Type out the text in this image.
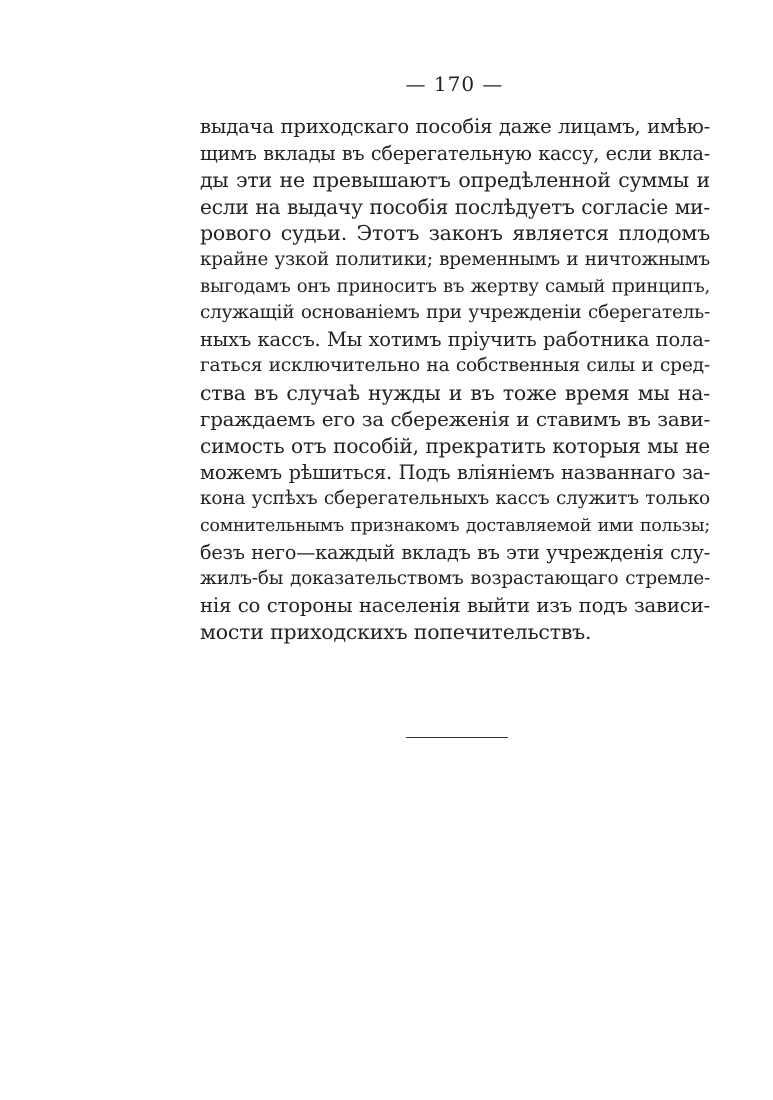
— 170 —
выдача приходскаго пособія даже лицамъ, имѣю-
щимъ вклады въ сберегательную кассу, если вкла-
ды эти не превышаютъ опредѣленной суммы и
если на выдачу пособія послѣдуетъ согласіе ми-
рового судьи. Этотъ законъ является плодомъ
крайне узкой политики; временнымъ и ничтожнымъ
выгодамъ онъ приноситъ въ жертву самый принципъ,
служащій основаніемъ при учрежденіи сберегатель-
ныхъ кассъ. Мы хотимъ пріучить работника пола-
гаться исключительно на собственныя силы и сред-
ства въ случаѣ нужды и въ тоже время мы на-
граждаемъ его за сбереженія и ставимъ въ зави-
симость отъ пособій, прекратить которыя мы не
можемъ рѣшиться. Подъ вліяніемъ названнаго за-
кона успѣхъ сберегательныхъ кассъ служитъ только
сомнительнымъ признакомъ доставляемой ими пользы;
безъ него—каждый вкладъ въ эти учрежденія слу-
жилъ-бы доказательствомъ возрастающаго стремле-
нія со стороны населенія выйти изъ подъ зависи-
мости приходскихъ попечительствъ.
